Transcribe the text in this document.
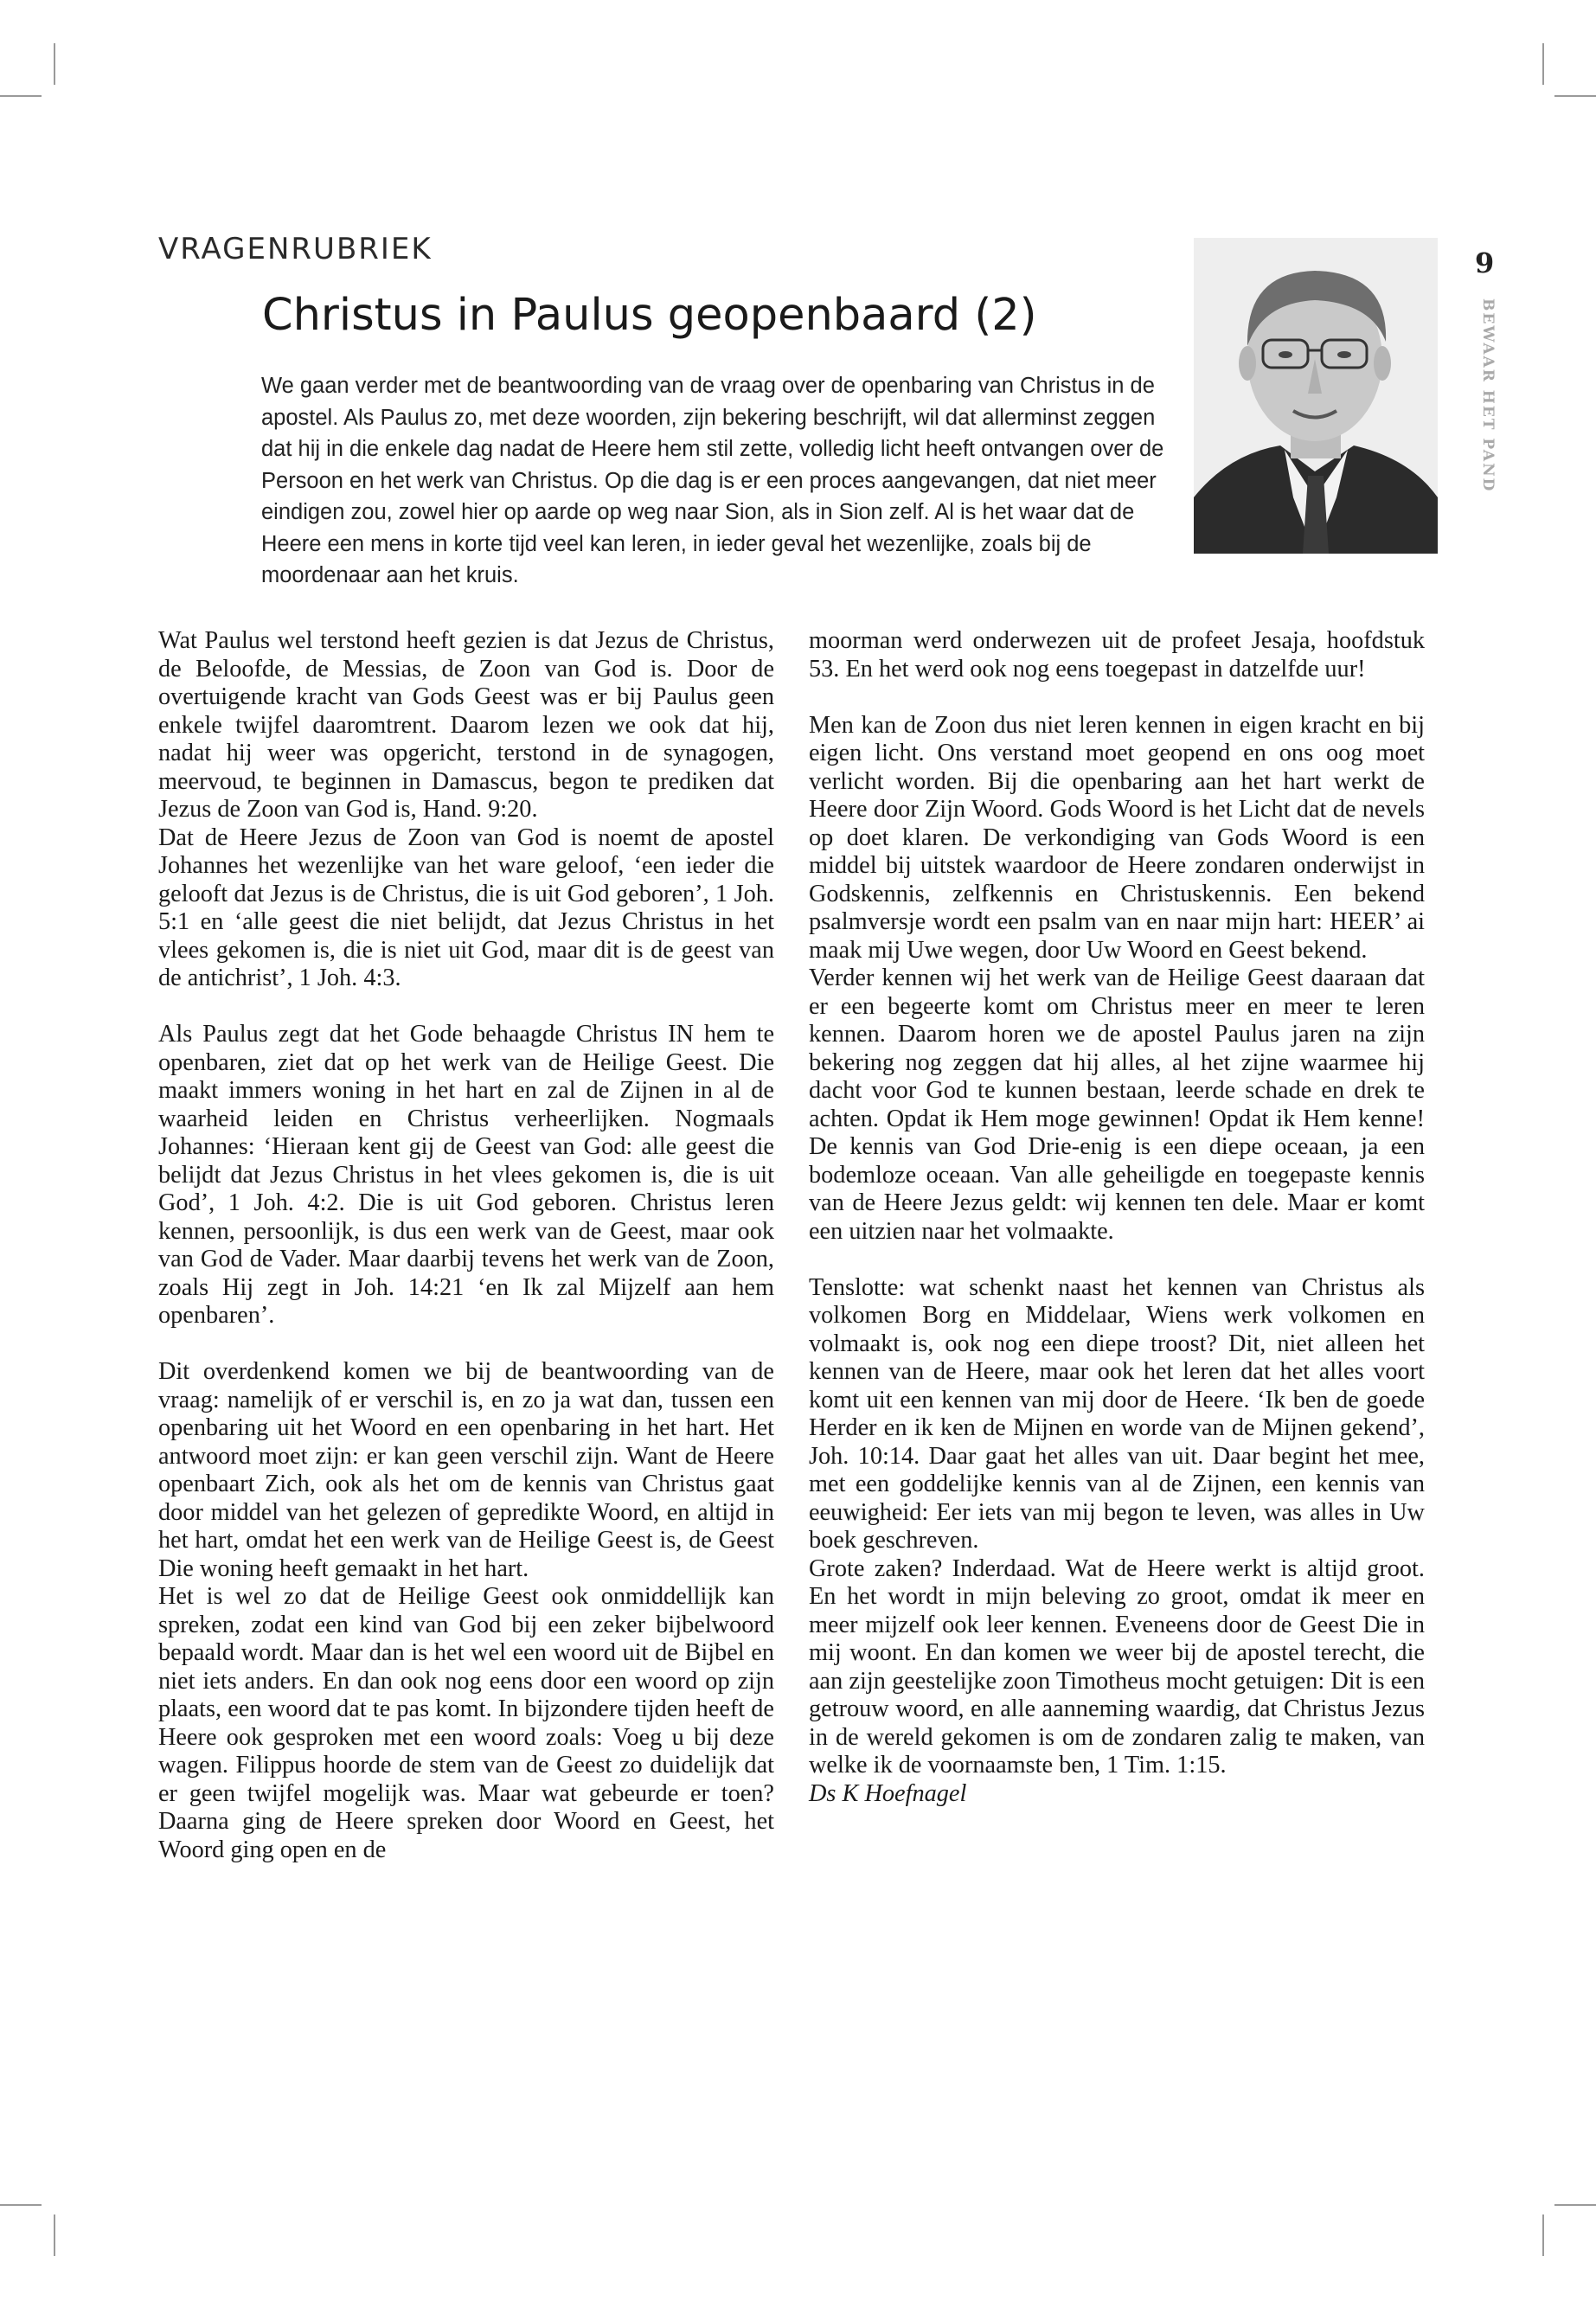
VRAGENRUBRIEK
Christus in Paulus geopenbaard (2)

We gaan verder met de beantwoording van de vraag over de openbaring van Christus in de apostel. Als Paulus zo, met deze woorden, zijn bekering beschrijft, wil dat allerminst zeggen dat hij in die enkele dag nadat de Heere hem stil zette, volledig licht heeft ontvangen over de Persoon en het werk van Christus. Op die dag is er een proces aangevangen, dat niet meer eindigen zou, zowel hier op aarde op weg naar Sion, als in Sion zelf. Al is het waar dat de Heere een mens in korte tijd veel kan leren, in ieder geval het wezenlijke, zoals bij de moordenaar aan het kruis.

9
BEWAAR HET PAND

Wat Paulus wel terstond heeft gezien is dat Jezus de Christus, de Beloofde, de Messias, de Zoon van God is. Door de overtuigende kracht van Gods Geest was er bij Paulus geen enkele twijfel daaromtrent. Daarom lezen we ook dat hij, nadat hij weer was opgericht, terstond in de synagogen, meervoud, te beginnen in Damascus, begon te prediken dat Jezus de Zoon van God is, Hand. 9:20.
Dat de Heere Jezus de Zoon van God is noemt de apostel Johannes het wezenlijke van het ware geloof, ‘een ieder die gelooft dat Jezus is de Christus, die is uit God geboren’, 1 Joh. 5:1 en ‘alle geest die niet belijdt, dat Jezus Christus in het vlees gekomen is, die is niet uit God, maar dit is de geest van de antichrist’, 1 Joh. 4:3.

Als Paulus zegt dat het Gode behaagde Christus IN hem te openbaren, ziet dat op het werk van de Heilige Geest. Die maakt immers woning in het hart en zal de Zijnen in al de waarheid leiden en Christus verheerlijken. Nogmaals Johannes: ‘Hieraan kent gij de Geest van God: alle geest die belijdt dat Jezus Christus in het vlees gekomen is, die is uit God’, 1 Joh. 4:2. Die is uit God geboren. Christus leren kennen, persoonlijk, is dus een werk van de Geest, maar ook van God de Vader. Maar daarbij tevens het werk van de Zoon, zoals Hij zegt in Joh. 14:21 ‘en Ik zal Mijzelf aan hem openbaren’.

Dit overdenkend komen we bij de beantwoording van de vraag: namelijk of er verschil is, en zo ja wat dan, tussen een openbaring uit het Woord en een openbaring in het hart. Het antwoord moet zijn: er kan geen verschil zijn. Want de Heere openbaart Zich, ook als het om de kennis van Christus gaat door middel van het gelezen of gepredikte Woord, en altijd in het hart, omdat het een werk van de Heilige Geest is, de Geest Die woning heeft gemaakt in het hart.
Het is wel zo dat de Heilige Geest ook onmiddellijk kan spreken, zodat een kind van God bij een zeker bijbelwoord bepaald wordt. Maar dan is het wel een woord uit de Bijbel en niet iets anders. En dan ook nog eens door een woord op zijn plaats, een woord dat te pas komt. In bijzondere tijden heeft de Heere ook gesproken met een woord zoals: Voeg u bij deze wagen. Filippus hoorde de stem van de Geest zo duidelijk dat er geen twijfel mogelijk was. Maar wat gebeurde er toen? Daarna ging de Heere spreken door Woord en Geest, het Woord ging open en de

moorman werd onderwezen uit de profeet Jesaja, hoofdstuk 53. En het werd ook nog eens toegepast in datzelfde uur!

Men kan de Zoon dus niet leren kennen in eigen kracht en bij eigen licht. Ons verstand moet geopend en ons oog moet verlicht worden. Bij die openbaring aan het hart werkt de Heere door Zijn Woord. Gods Woord is het Licht dat de nevels op doet klaren. De verkondiging van Gods Woord is een middel bij uitstek waardoor de Heere zondaren onderwijst in Godskennis, zelfkennis en Christuskennis. Een bekend psalmversje wordt een psalm van en naar mijn hart: HEER’ ai maak mij Uwe wegen, door Uw Woord en Geest bekend.
Verder kennen wij het werk van de Heilige Geest daaraan dat er een begeerte komt om Christus meer en meer te leren kennen. Daarom horen we de apostel Paulus jaren na zijn bekering nog zeggen dat hij alles, al het zijne waarmee hij dacht voor God te kunnen bestaan, leerde schade en drek te achten. Opdat ik Hem moge gewinnen! Opdat ik Hem kenne! De kennis van God Drie-enig is een diepe oceaan, ja een bodemloze oceaan. Van alle geheiligde en toegepaste kennis van de Heere Jezus geldt: wij kennen ten dele. Maar er komt een uitzien naar het volmaakte.

Tenslotte: wat schenkt naast het kennen van Christus als volkomen Borg en Middelaar, Wiens werk volkomen en volmaakt is, ook nog een diepe troost? Dit, niet alleen het kennen van de Heere, maar ook het leren dat het alles voort komt uit een kennen van mij door de Heere. ‘Ik ben de goede Herder en ik ken de Mijnen en worde van de Mijnen gekend’, Joh. 10:14. Daar gaat het alles van uit. Daar begint het mee, met een goddelijke kennis van al de Zijnen, een kennis van eeuwigheid: Eer iets van mij begon te leven, was alles in Uw boek geschreven.
Grote zaken? Inderdaad. Wat de Heere werkt is altijd groot. En het wordt in mijn beleving zo groot, omdat ik meer en meer mijzelf ook leer kennen. Eveneens door de Geest Die in mij woont. En dan komen we weer bij de apostel terecht, die aan zijn geestelijke zoon Timotheus mocht getuigen: Dit is een getrouw woord, en alle aanneming waardig, dat Christus Jezus in de wereld gekomen is om de zondaren zalig te maken, van welke ik de voornaamste ben, 1 Tim. 1:15.

Ds K Hoefnagel
